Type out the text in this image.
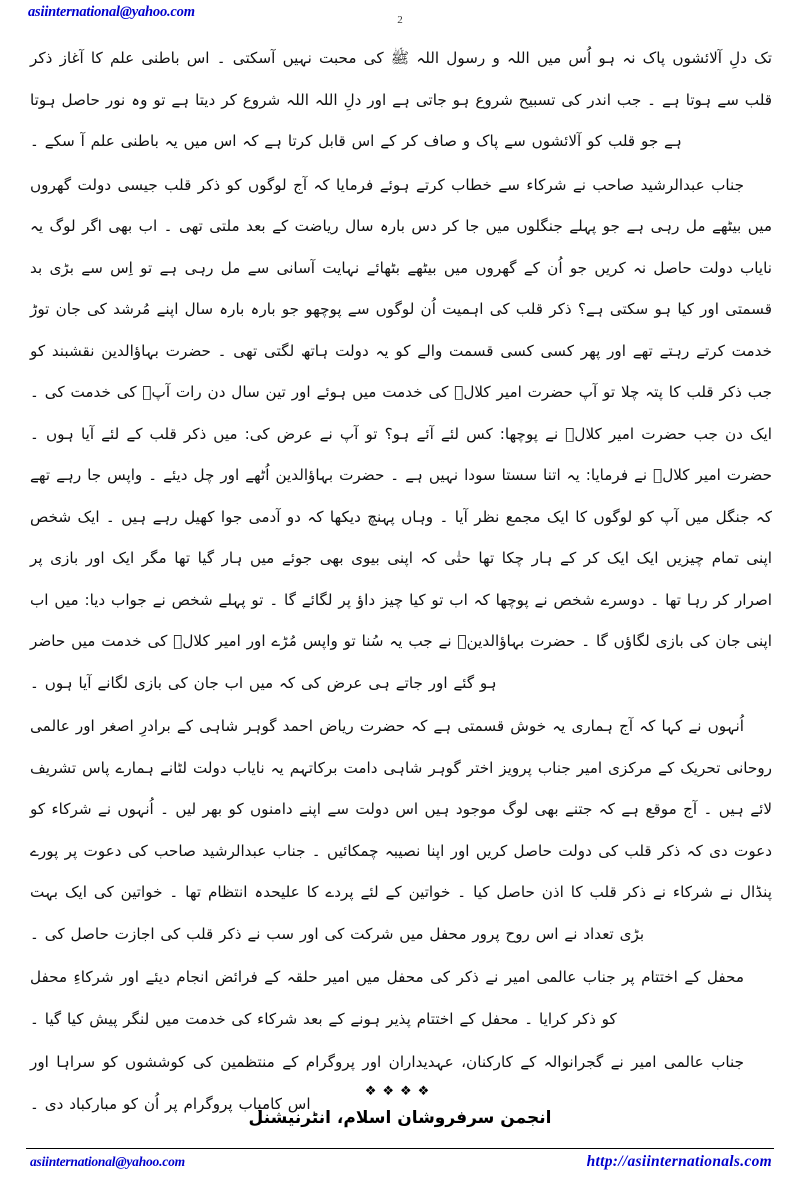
asiinternational@yahoo.com	2

تک دلِ آلائشوں پاک نہ ہو اُس میں اللہ و رسول اللہ ﷺ کی محبت نہیں آسکتی ۔ اس باطنی علم کا آغاز ذکر قلب سے ہوتا ہے ۔ جب اندر کی تسبیح شروع ہو جاتی ہے اور دلِ اللہ اللہ شروع کر دیتا ہے تو وہ نور حاصل ہوتا ہے جو قلب کو آلائشوں سے پاک و صاف کر کے اس قابل کرتا ہے کہ اس میں یہ باطنی علم آ سکے ۔

جناب عبدالرشید صاحب نے شرکاء سے خطاب کرتے ہوئے فرمایا کہ آج لوگوں کو ذکر قلب جیسی دولت گھروں میں بیٹھے مل رہی ہے جو پہلے جنگلوں میں جا کر دس بارہ سال ریاضت کے بعد ملتی تھی ۔ اب بھی اگر لوگ یہ نایاب دولت حاصل نہ کریں جو اُن کے گھروں میں بیٹھے بٹھائے نہایت آسانی سے مل رہی ہے تو اِس سے بڑی بد قسمتی اور کیا ہو سکتی ہے؟ ذکر قلب کی اہمیت اُن لوگوں سے پوچھو جو بارہ بارہ سال اپنے مُرشد کی جان توڑ خدمت کرتے رہتے تھے اور پھر کسی کسی قسمت والے کو یہ دولت ہاتھ لگتی تھی ۔ حضرت بہاؤالدین نقشبند کو جب ذکر قلب کا پتہ چلا تو آپ حضرت امیر کلالؒ کی خدمت میں ہوئے اور تین سال دن رات آپؒ کی خدمت کی ۔ ایک دن جب حضرت امیر کلالؒ نے پوچھا: کس لئے آئے ہو؟ تو آپ نے عرض کی: میں ذکر قلب کے لئے آیا ہوں ۔ حضرت امیر کلالؒ نے فرمایا: یہ اتنا سستا سودا نہیں ہے ۔ حضرت بہاؤالدین اُٹھے اور چل دیئے ۔ واپس جا رہے تھے کہ جنگل میں آپ کو لوگوں کا ایک مجمع نظر آیا ۔ وہاں پہنچ دیکھا کہ دو آدمی جوا کھیل رہے ہیں ۔ ایک شخص اپنی تمام چیزیں ایک ایک کر کے ہار چکا تھا حتٰی کہ اپنی بیوی بھی جوئے میں ہار گیا تھا مگر ایک اور بازی پر اصرار کر رہا تھا ۔ دوسرے شخص نے پوچھا کہ اب تو کیا چیز داؤ پر لگائے گا ۔ تو پہلے شخص نے جواب دیا: میں اب اپنی جان کی بازی لگاؤں گا ۔ حضرت بہاؤالدینؒ نے جب یہ سُنا تو واپس مُڑے اور امیر کلالؒ کی خدمت میں حاضر ہو گئے اور جاتے ہی عرض کی کہ میں اب جان کی بازی لگانے آیا ہوں ۔

اُنہوں نے کہا کہ آج ہماری یہ خوش قسمتی ہے کہ حضرت ریاض احمد گوہر شاہی کے برادرِ اصغر اور عالمی روحانی تحریک کے مرکزی امیر جناب پرویز اختر گوہر شاہی دامت برکاتہم یہ نایاب دولت لٹانے ہمارے پاس تشریف لائے ہیں ۔ آج موقع ہے کہ جتنے بھی لوگ موجود ہیں اس دولت سے اپنے دامنوں کو بھر لیں ۔ اُنہوں نے شرکاء کو دعوت دی کہ ذکر قلب کی دولت حاصل کریں اور اپنا نصیبہ چمکائیں ۔ جناب عبدالرشید صاحب کی دعوت پر پورے پنڈال نے شرکاء نے ذکر قلب کا اذن حاصل کیا ۔ خواتین کے لئے پردے کا علیحدہ انتظام تھا ۔ خواتین کی ایک بہت بڑی تعداد نے اس روح پرور محفل میں شرکت کی اور سب نے ذکر قلب کی اجازت حاصل کی ۔

محفل کے اختتام پر جناب عالمی امیر نے ذکر کی محفل میں امیر حلقہ کے فرائض انجام دیئے اور شرکاءِ محفل کو ذکر کرایا ۔ محفل کے اختتام پذیر ہونے کے بعد شرکاء کی خدمت میں لنگر پیش کیا گیا ۔

جناب عالمی امیر نے گجرانوالہ کے کارکنان، عہدیداران اور پروگرام کے منتظمین کی کوششوں کو سراہا اور اس کامیاب پروگرام پر اُن کو مبارکباد دی ۔

❖❖❖❖
انجمن سرفروشان اسلام، انٹرنیشنل
asiinternational@yahoo.com	http://asiinternationals.com
